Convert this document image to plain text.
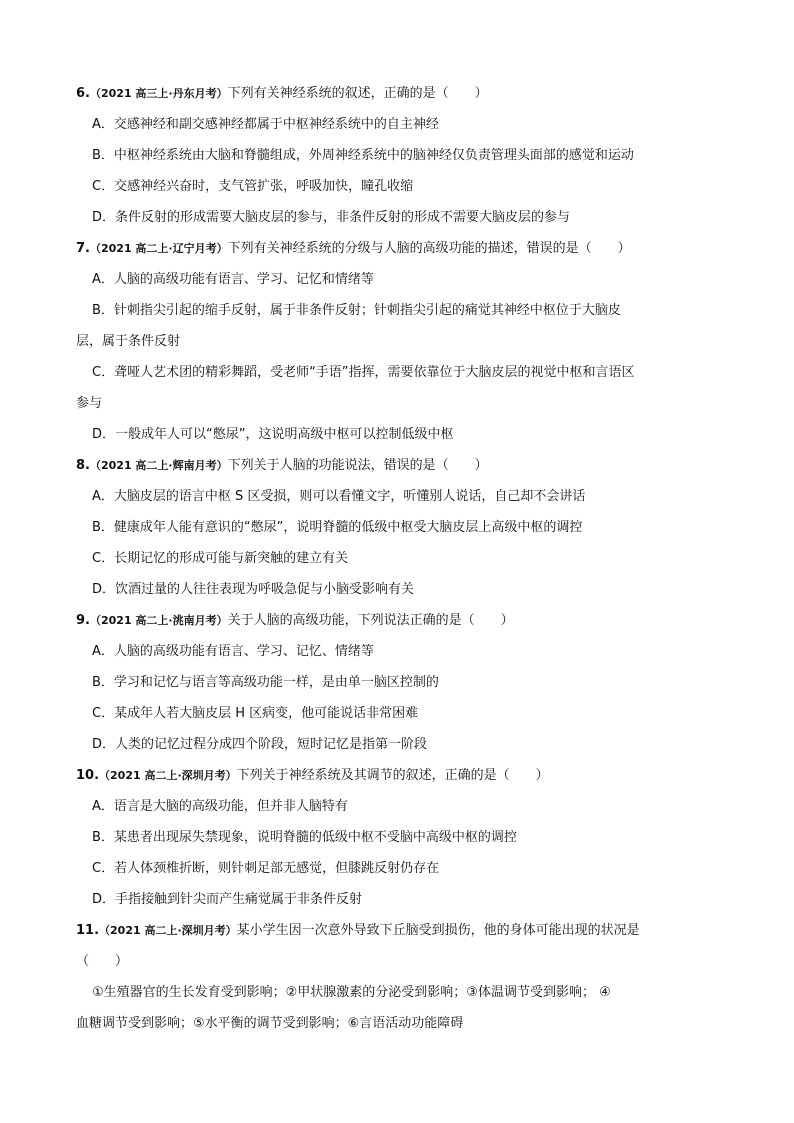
6.（2021 高三上·丹东月考）下列有关神经系统的叙述，正确的是（　　）
A．交感神经和副交感神经都属于中枢神经系统中的自主神经
B．中枢神经系统由大脑和脊髓组成，外周神经系统中的脑神经仅负责管理头面部的感觉和运动
C．交感神经兴奋时，支气管扩张，呼吸加快，瞳孔收缩
D．条件反射的形成需要大脑皮层的参与，非条件反射的形成不需要大脑皮层的参与
7.（2021 高二上·辽宁月考）下列有关神经系统的分级与人脑的高级功能的描述，错误的是（　　）
A．人脑的高级功能有语言、学习、记忆和情绪等
B．针刺指尖引起的缩手反射，属于非条件反射；针刺指尖引起的痛觉其神经中枢位于大脑皮
层，属于条件反射
C．聋哑人艺术团的精彩舞蹈，受老师“手语”指挥，需要依靠位于大脑皮层的视觉中枢和言语区
参与
D．一般成年人可以“憋尿”，这说明高级中枢可以控制低级中枢
8.（2021 高二上·辉南月考）下列关于人脑的功能说法，错误的是（　　）
A．大脑皮层的语言中枢 S 区受损，则可以看懂文字，听懂别人说话，自己却不会讲话
B．健康成年人能有意识的“憋尿”，说明脊髓的低级中枢受大脑皮层上高级中枢的调控
C．长期记忆的形成可能与新突触的建立有关
D．饮酒过量的人往往表现为呼吸急促与小脑受影响有关
9.（2021 高二上·洮南月考）关于人脑的高级功能，下列说法正确的是（　　）
A．人脑的高级功能有语言、学习、记忆、情绪等
B．学习和记忆与语言等高级功能一样，是由单一脑区控制的
C．某成年人若大脑皮层 H 区病变，他可能说话非常困难
D．人类的记忆过程分成四个阶段，短时记忆是指第一阶段
10.（2021 高二上·深圳月考）下列关于神经系统及其调节的叙述，正确的是（　　）
A．语言是大脑的高级功能，但并非人脑特有
B．某患者出现尿失禁现象，说明脊髓的低级中枢不受脑中高级中枢的调控
C．若人体颈椎折断，则针刺足部无感觉，但膝跳反射仍存在
D．手指接触到针尖而产生痛觉属于非条件反射
11.（2021 高二上·深圳月考）某小学生因一次意外导致下丘脑受到损伤，他的身体可能出现的状况是
（　　）
①生殖器官的生长发育受到影响；②甲状腺激素的分泌受到影响；③体温调节受到影响； ④
血糖调节受到影响；⑤水平衡的调节受到影响；⑥言语活动功能障碍
